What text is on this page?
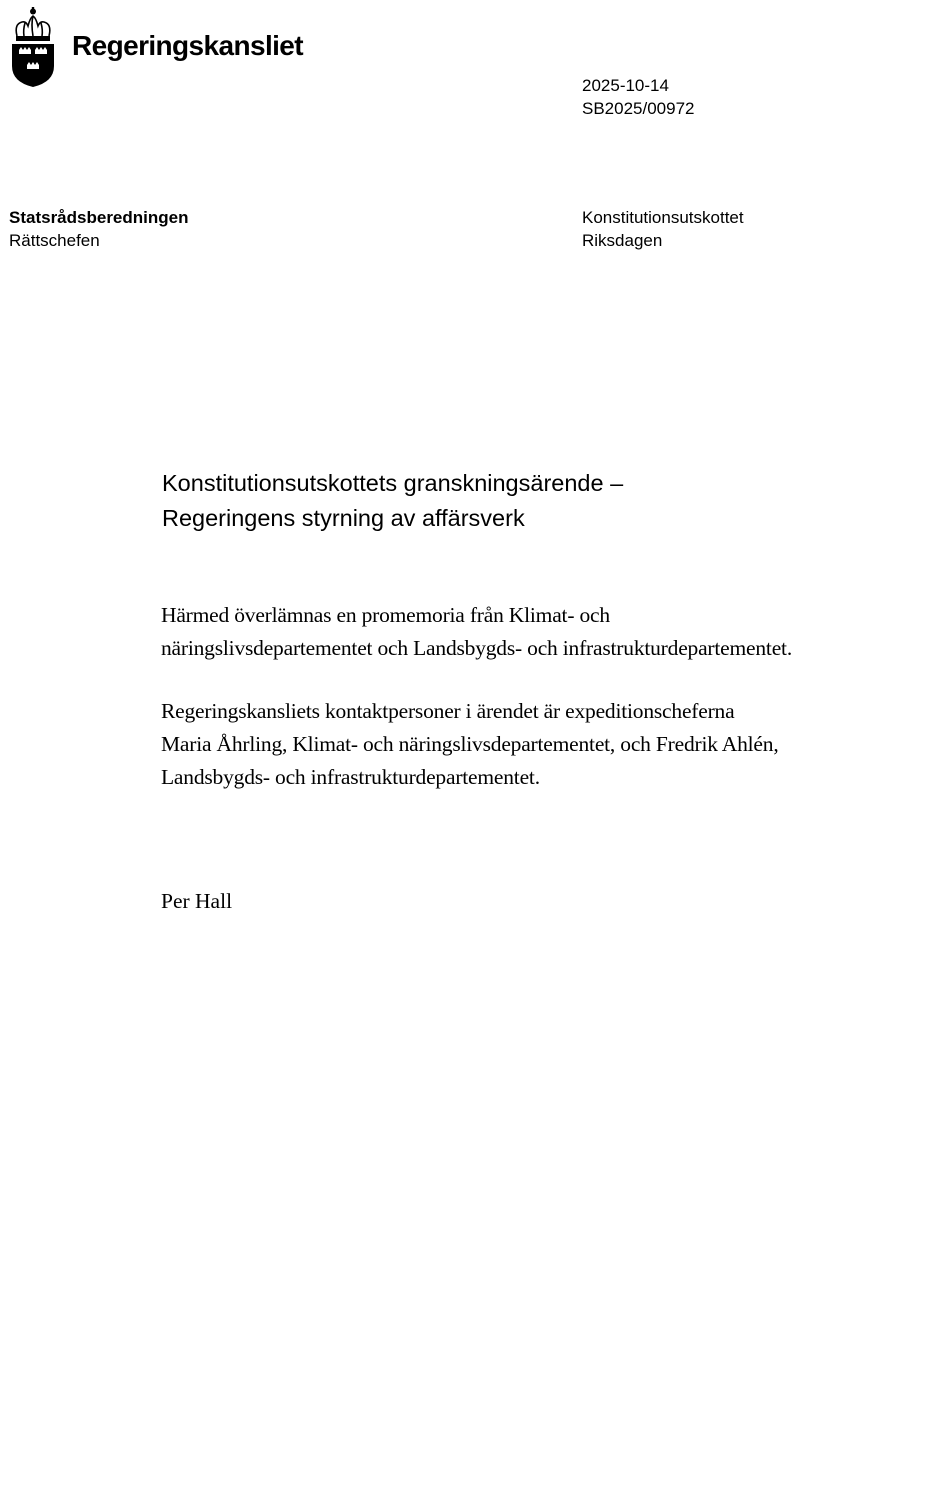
Regeringskansliet
2025-10-14
SB2025/00972
Statsrådsberedningen
Rättschefen
Konstitutionsutskottet
Riksdagen
Konstitutionsutskottets granskningsärende –
Regeringens styrning av affärsverk
Härmed överlämnas en promemoria från Klimat- och
näringslivsdepartementet och Landsbygds- och infrastrukturdepartementet.
Regeringskansliets kontaktpersoner i ärendet är expeditionscheferna
Maria Åhrling, Klimat- och näringslivsdepartementet, och Fredrik Ahlén,
Landsbygds- och infrastrukturdepartementet.
Per Hall
